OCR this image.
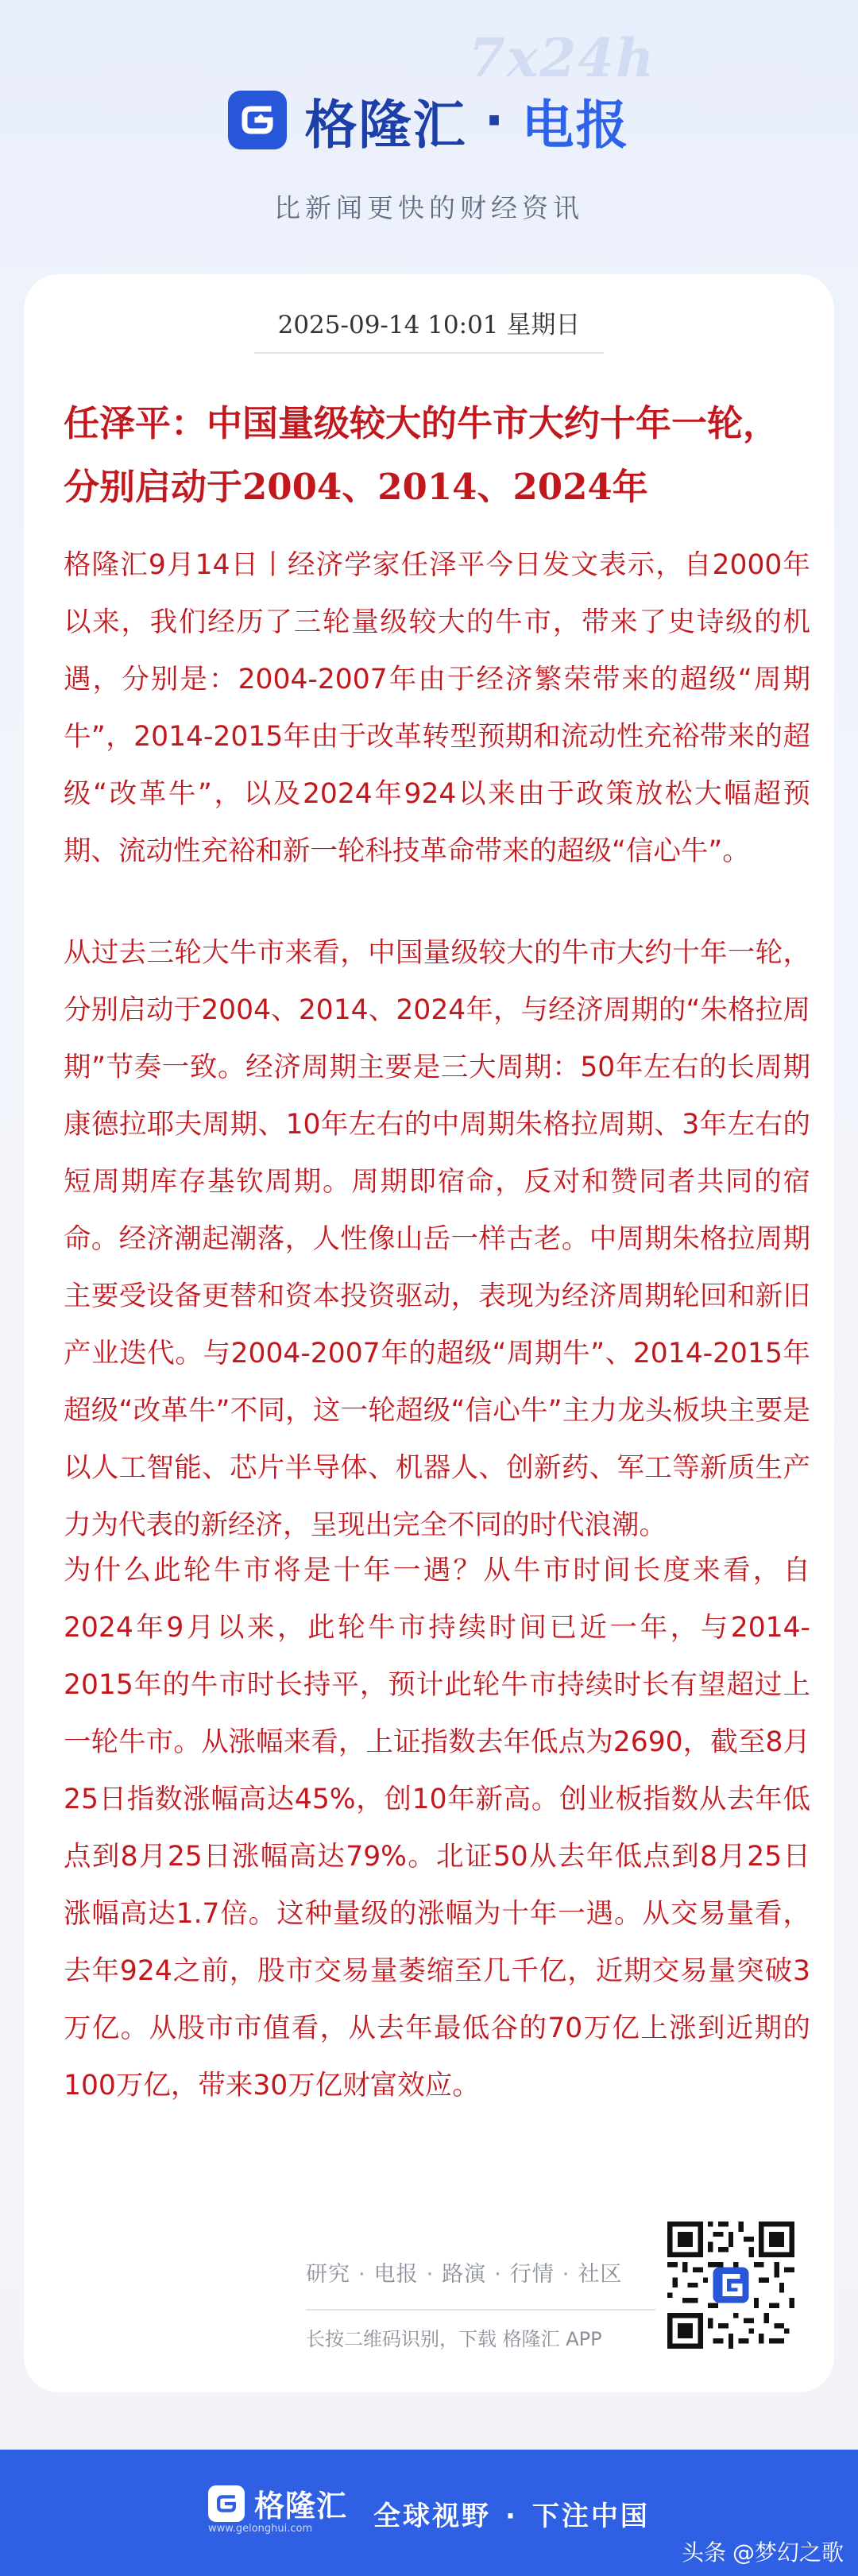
7x24h
格隆汇 · 电报
比新闻更快的财经资讯
2025-09-14 10:01 星期日
任泽平：中国量级较大的牛市大约十年一轮，分别启动于2004、2014、2024年

格隆汇9月14日丨经济学家任泽平今日发文表示，自2000年以来，我们经历了三轮量级较大的牛市，带来了史诗级的机遇，分别是：2004-2007年由于经济繁荣带来的超级“周期牛”，2014-2015年由于改革转型预期和流动性充裕带来的超级“改革牛”，以及2024年924以来由于政策放松大幅超预期、流动性充裕和新一轮科技革命带来的超级“信心牛”。

从过去三轮大牛市来看，中国量级较大的牛市大约十年一轮，分别启动于2004、2014、2024年，与经济周期的“朱格拉周期”节奏一致。经济周期主要是三大周期：50年左右的长周期康德拉耶夫周期、10年左右的中周期朱格拉周期、3年左右的短周期库存基钦周期。周期即宿命，反对和赞同者共同的宿命。经济潮起潮落，人性像山岳一样古老。中周期朱格拉周期主要受设备更替和资本投资驱动，表现为经济周期轮回和新旧产业迭代。与2004-2007年的超级“周期牛”、2014-2015年超级“改革牛”不同，这一轮超级“信心牛”主力龙头板块主要是以人工智能、芯片半导体、机器人、创新药、军工等新质生产力为代表的新经济，呈现出完全不同的时代浪潮。

为什么此轮牛市将是十年一遇？从牛市时间长度来看，自2024年9月以来，此轮牛市持续时间已近一年，与2014-2015年的牛市时长持平，预计此轮牛市持续时长有望超过上一轮牛市。从涨幅来看，上证指数去年低点为2690，截至8月25日指数涨幅高达45%，创10年新高。创业板指数从去年低点到8月25日涨幅高达79%。北证50从去年低点到8月25日涨幅高达1.7倍。这种量级的涨幅为十年一遇。从交易量看，去年924之前，股市交易量萎缩至几千亿，近期交易量突破3万亿。从股市市值看，从去年最低谷的70万亿上涨到近期的100万亿，带来30万亿财富效应。

研究 · 电报 · 路演 · 行情 · 社区
长按二维码识别，下载 格隆汇 APP
格隆汇
www.gelonghui.com 全球视野 · 下注中国
头条 @梦幻之歌
